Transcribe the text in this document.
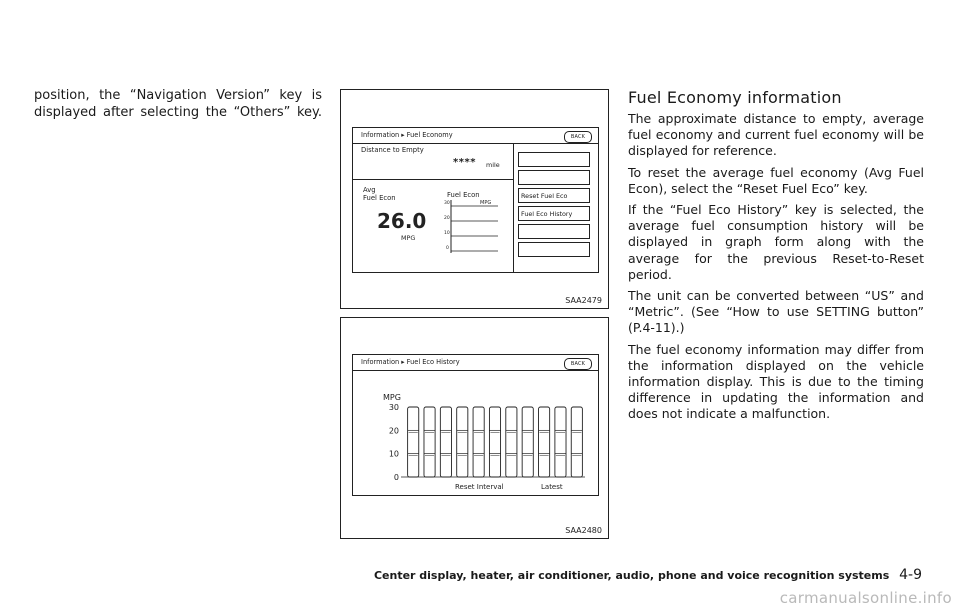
position, the “Navigation Version” key is displayed after selecting the “Others” key.

Information ▸ Fuel Economy	BACK
Distance to Empty
**** mile
Avg
Fuel Econ
26.0
MPG
Fuel Econ
MPG
30
20
10
0
Reset Fuel Eco
Fuel Eco History
SAA2479
Information ▸ Fuel Eco History	BACK
MPG
30
20
10
0
Reset Interval	Latest
SAA2480
Fuel Economy information

The approximate distance to empty, average fuel economy and current fuel economy will be displayed for reference.

To reset the average fuel economy (Avg Fuel Econ), select the “Reset Fuel Eco” key.

If the “Fuel Eco History” key is selected, the average fuel consumption history will be displayed in graph form along with the average for the previous Reset-to-Reset period.

The unit can be converted between “US” and “Metric”. (See “How to use SETTING button” (P.4-11).)

The fuel economy information may differ from the information displayed on the vehicle information display. This is due to the timing difference in updating the information and does not indicate a malfunction.

Center display, heater, air conditioner, audio, phone and voice recognition systems 4-9
carmanualsonline.info
